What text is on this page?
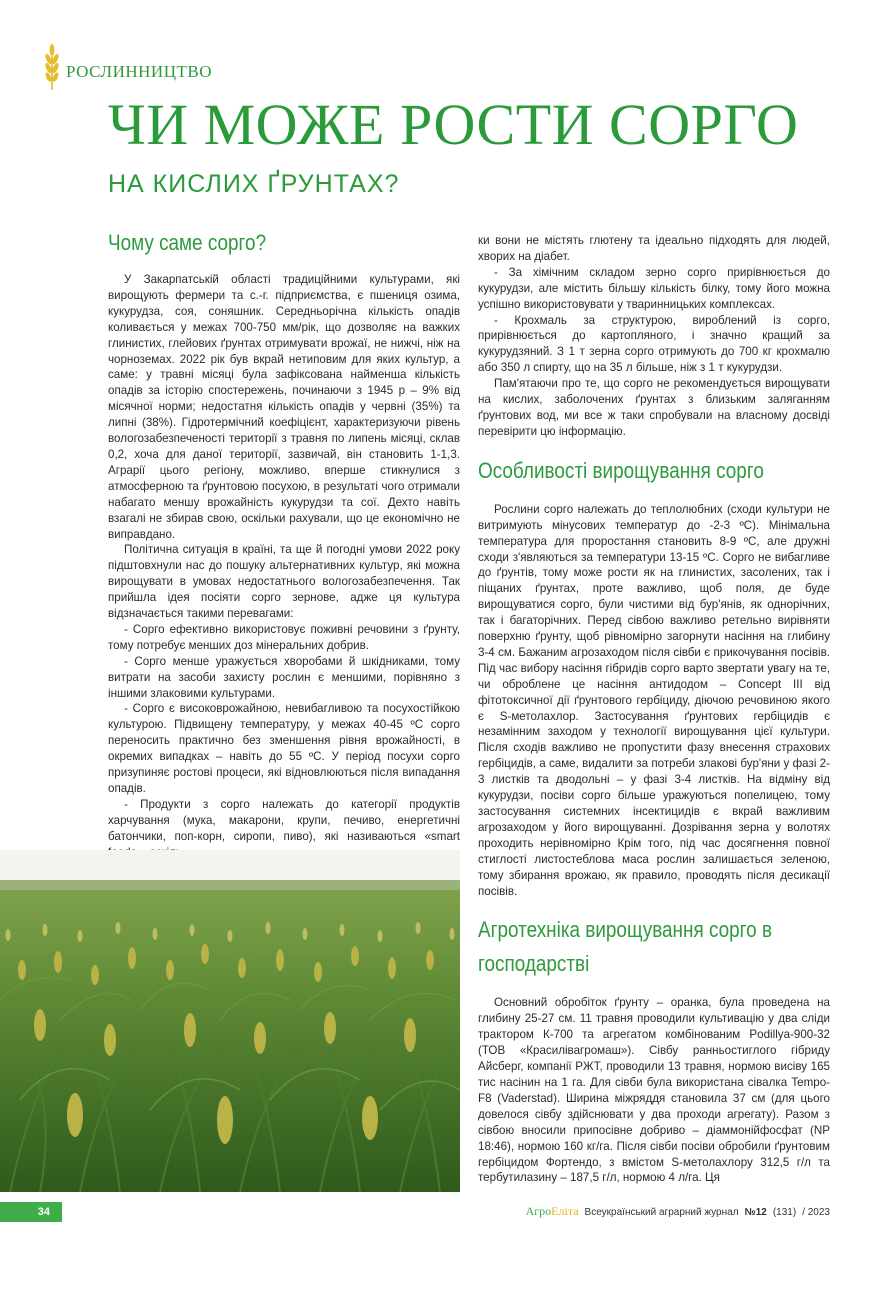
РОСЛИННИЦТВО
ЧИ МОЖЕ РОСТИ СОРГО
НА КИСЛИХ ҐРУНТАХ?
Чому саме сорго?

У Закарпатській області традиційними культурами, які вирощують фермери та с.-г. підприємства, є пшениця озима, кукурудза, соя, соняшник. Середньорічна кількість опадів коливається у межах 700-750 мм/рік, що дозволяє на важких глинистих, глейових ґрунтах отримувати врожаї, не нижчі, ніж на чорноземах. 2022 рік був вкрай нетиповим для яких культур, а саме: у травні місяці була зафіксована найменша кількість опадів за історію спостережень, починаючи з 1945 р – 9% від місячної норми; недостатня кількість опадів у червні (35%) та липні (38%). Гідротермічний коефіцієнт, характеризуючи рівень вологозабезпеченості території з травня по липень місяці, склав 0,2, хоча для даної території, зазвичай, він становить 1-1,3. Аграрії цього регіону, можливо, вперше стикнулися з атмосферною та ґрунтовою посухою, в результаті чого отримали набагато меншу врожайність кукурудзи та сої. Дехто навіть взагалі не збирав свою, оскільки рахували, що це економічно не виправдано.

Політична ситуація в країні, та ще й погодні умови 2022 року підштовхнули нас до пошуку альтернативних культур, які можна вирощувати в умовах недостатнього вологозабезпечення. Так прийшла ідея посіяти сорго зернове, адже ця культура відзначається такими перевагами:

- Сорго ефективно використовує поживні речовини з ґрунту, тому потребує менших доз мінеральних добрив.

- Сорго менше уражується хворобами й шкідниками, тому витрати на засоби захисту рослин є меншими, порівняно з іншими злаковими культурами.

- Сорго є високоврожайною, невибагливою та посухостійкою культурою. Підвищену температуру, у межах 40-45 ºС сорго переносить практично без зменшення рівня врожайності, в окремих випадках – навіть до 55 ºС. У період посухи сорго призупиняє ростові процеси, які відновлюються після випадання опадів.

- Продукти з сорго належать до категорії продуктів харчування (мука, макарони, крупи, печиво, енергетичні батончики, поп-корн, сиропи, пиво), які називаються «smart

ки вони не містять глютену та ідеально підходять для людей, хворих на діабет.

- За хімічним складом зерно сорго прирівнюється до кукурудзи, але містить більшу кількість білку, тому його можна успішно використовувати у тваринницьких комплексах.

- Крохмаль за структурою, вироблений із сорго, прирівнюється до картопляного, і значно кращий за кукурудзяний. З 1 т зерна сорго отримують до 700 кг крохмалю або 350 л спирту, що на 35 л більше, ніж з 1 т кукурудзи.

Пам'ятаючи про те, що сорго не рекомендується вирощувати на кислих, заболочених ґрунтах з близьким заляганням ґрунтових вод, ми все ж таки спробували на власному досвіді перевірити цю інформацію.

Особливості вирощування сорго

Рослини сорго належать до теплолюбних (сходи культури не витримують мінусових температур до -2-3 ºС). Мінімальна температура для проростання становить 8-9 ºС, але дружні сходи з'являються за температури 13-15 ºС. Сорго не вибагливе до ґрунтів, тому може рости як на глинистих, засолених, так і піщаних ґрунтах, проте важливо, щоб поля, де буде вирощуватися сорго, були чистими від бур'янів, як однорічних, так і багаторічних. Перед сівбою важливо ретельно вирівняти поверхню ґрунту, щоб рівномірно загорнути насіння на глибину 3-4 см. Бажаним агрозаходом після сівби є прикочування посівів. Під час вибору насіння гібридів сорго варто звертати увагу на те, чи оброблене це насіння антидодом – Concept III від фітотоксичної дії ґрунтового гербіциду, діючою речовиною якого є S-метолахлор. Застосування ґрунтових гербіцидів є незамінним заходом у технології вирощування цієї культури. Після сходів важливо не пропустити фазу внесення страхових гербіцидів, а саме, видалити за потреби злакові бур'яни у фазі 2-3 листків та дводольні – у фазі 3-4 листків. На відміну від кукурудзи, посіви сорго більше уражуються попелицею, тому застосування системних інсектицидів є вкрай важливим агрозаходом у його вирощуванні. Дозрівання зерна у волотях проходить нерівномірно Крім того, під час досягнення повної стиглості листостеблова маса рослин залишається зеленою, тому збирання врожаю, як правило, проводять після десикації посівів.

Агротехніка вирощування сорго в господарстві

Основний обробіток ґрунту – оранка, була проведена на глибину 25-27 см. 11 травня проводили культивацію у два сліди трактором К-700 та агрегатом комбінованим Podillya-900-32 (ТОВ «Красилівагромаш»). Сівбу ранньостиглого гібриду Айсберг, компанії РЖТ, проводили 13 травня, нормою висіву 165 тис насінин на 1 га. Для сівби була використана сівалка Tempo-F8 (Vaderstad). Ширина міжряддя становила 37 см (для цього довелося сівбу здійснювати у два проходи агрегату). Разом з сівбою вносили припосівне добриво – діаммонійфосфат (NP 18:46), нормою 160 кг/га. Після сівби посіви обробили ґрунтовим гербіцидом Фортендо, з вмістом S-метолахлору 312,5 г/л та тербутилазину – 187,5 г/л, нормою 4 л/га. Ця

34	АгроЕліта Всеукраїнський аграрний журнал №12 (131) / 2023
